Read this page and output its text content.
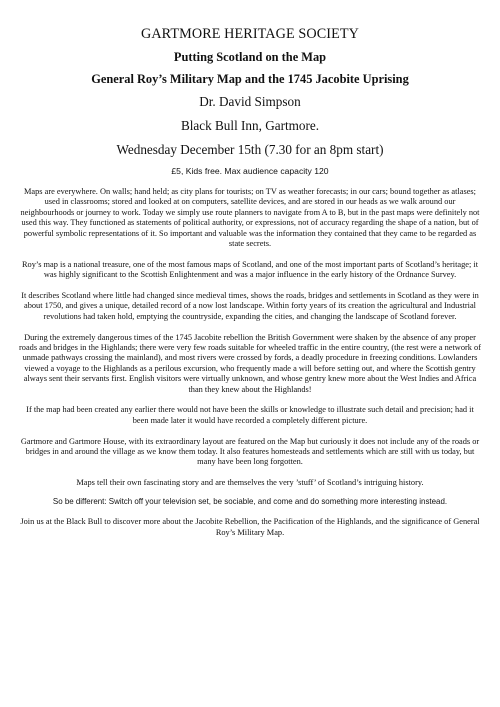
GARTMORE HERITAGE SOCIETY
Putting Scotland on the Map
General Roy’s Military Map and the 1745 Jacobite Uprising
Dr. David Simpson
Black Bull Inn, Gartmore.
Wednesday December 15th (7.30 for an 8pm start)
£5, Kids free. Max audience capacity 120

Maps are everywhere. On walls; hand held; as city plans for tourists; on TV as weather forecasts; in our cars; bound together as atlases; used in classrooms; stored and looked at on computers, satellite devices, and are stored in our heads as we walk around our neighbourhoods or journey to work. Today we simply use route planners to navigate from A to B, but in the past maps were definitely not used this way. They functioned as statements of political authority, or expressions, not of accuracy regarding the shape of a nation, but of powerful symbolic representations of it. So important and valuable was the information they contained that they came to be regarded as state secrets.

Roy’s map is a national treasure, one of the most famous maps of Scotland, and one of the most important parts of Scotland’s heritage; it was highly significant to the Scottish Enlightenment and was a major influence in the early history of the Ordnance Survey.

It describes Scotland where little had changed since medieval times, shows the roads, bridges and settlements in Scotland as they were in about 1750, and gives a unique, detailed record of a now lost landscape. Within forty years of its creation the agricultural and Industrial revolutions had taken hold, emptying the countryside, expanding the cities, and changing the landscape of Scotland forever.

During the extremely dangerous times of the 1745 Jacobite rebellion the British Government were shaken by the absence of any proper roads and bridges in the Highlands; there were very few roads suitable for wheeled traffic in the entire country, (the rest were a network of unmade pathways crossing the mainland), and most rivers were crossed by fords, a deadly procedure in freezing conditions. Lowlanders viewed a voyage to the Highlands as a perilous excursion, who frequently made a will before setting out, and where the Scottish gentry always sent their servants first. English visitors were virtually unknown, and whose gentry knew more about the West Indies and Africa than they knew about the Highlands!

If the map had been created any earlier there would not have been the skills or knowledge to illustrate such detail and precision; had it been made later it would have recorded a completely different picture.

Gartmore and Gartmore House, with its extraordinary layout are featured on the Map but curiously it does not include any of the roads or bridges in and around the village as we know them today. It also features homesteads and settlements which are still with us today, but many have been long forgotten.

Maps tell their own fascinating story and are themselves the very ’stuff’ of Scotland’s intriguing history.

So be different: Switch off your television set, be sociable, and come and do something more interesting instead.

Join us at the Black Bull to discover more about the Jacobite Rebellion, the Pacification of the Highlands, and the significance of General Roy’s Military Map.
